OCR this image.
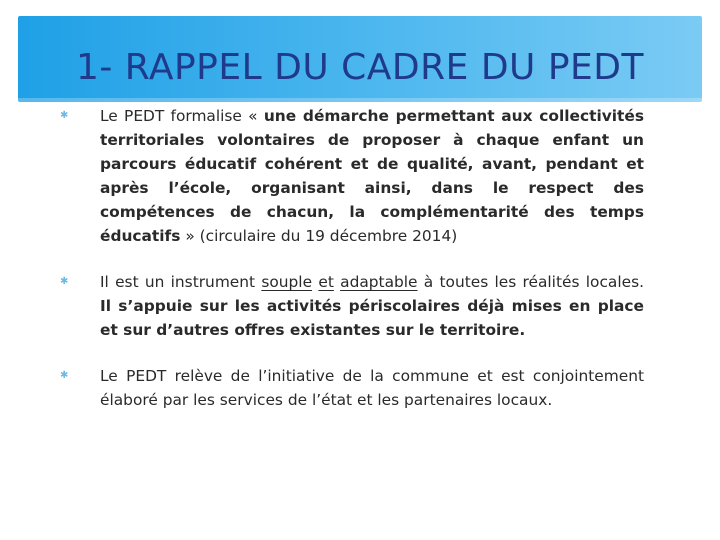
1- RAPPEL DU CADRE DU PEDT
✱	Le PEDT formalise « une démarche permettant aux collectivités territoriales volontaires de proposer à chaque enfant un parcours éducatif cohérent et de qualité, avant, pendant et après l’école, organisant ainsi, dans le respect des compétences de chacun, la complémentarité des temps éducatifs » (circulaire du 19 décembre 2014)
✱	Il est un instrument souple et adaptable à toutes les réalités locales. Il s’appuie sur les activités périscolaires déjà mises en place et sur d’autres offres existantes sur le territoire.
✱	Le PEDT relève de l’initiative de la commune et est conjointement élaboré par les services de l’état et les partenaires locaux.
